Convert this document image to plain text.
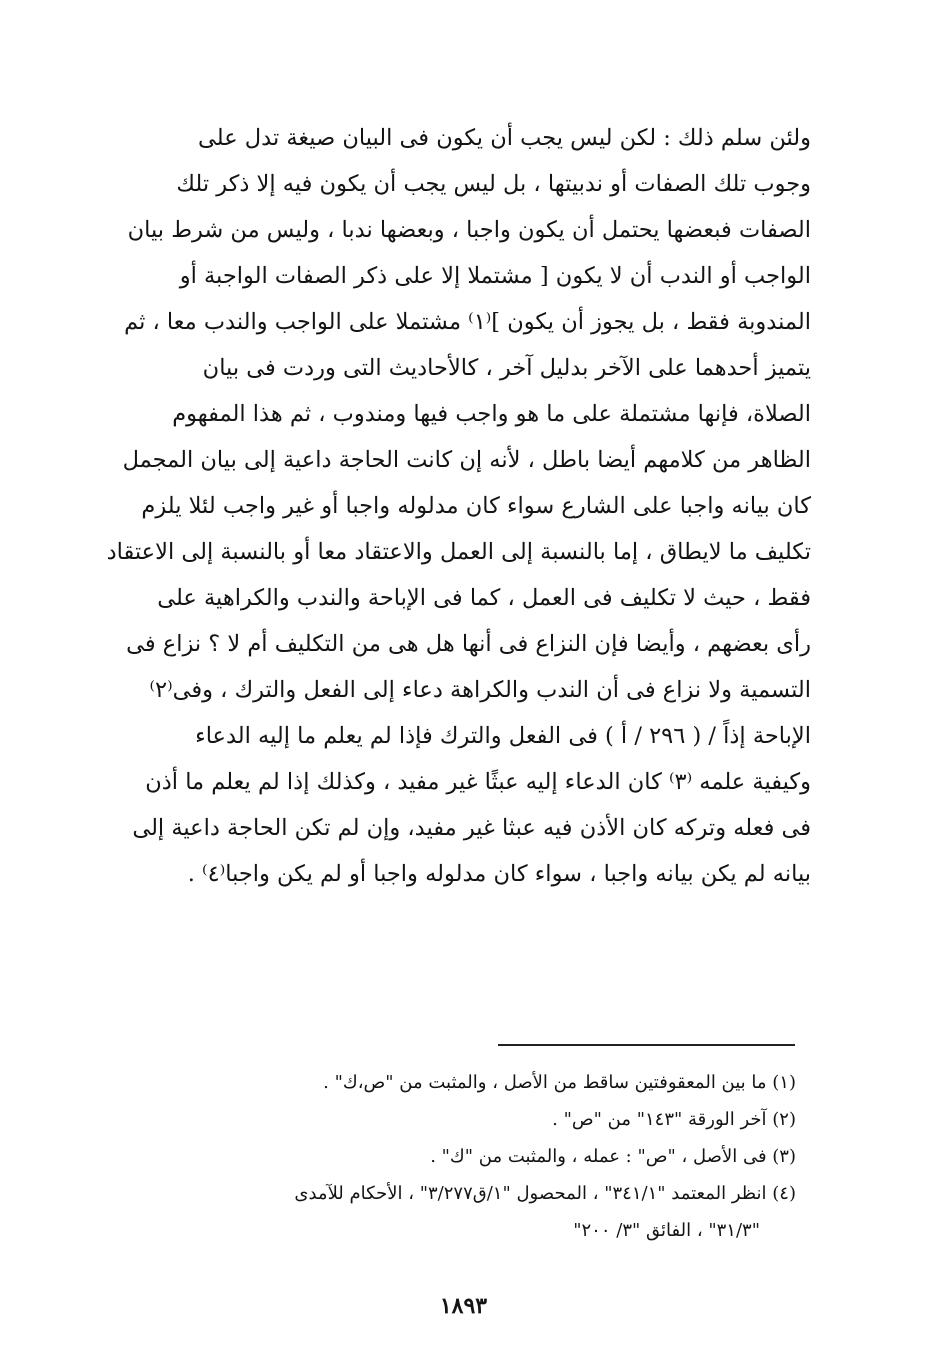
ولئن سلم ذلك : لكن ليس يجب أن يكون فى البيان صيغة تدل على
وجوب تلك الصفات أو ندبيتها ، بل ليس يجب أن يكون فيه إلا ذكر تلك
الصفات فبعضها يحتمل أن يكون واجبا ، وبعضها ندبا ، وليس من شرط بيان
الواجب أو الندب أن لا يكون [ مشتملا إلا على ذكر الصفات الواجبة أو
المندوبة فقط ، بل يجوز أن يكون ]⁽١⁾ مشتملا على الواجب والندب معا ، ثم
يتميز أحدهما على الآخر بدليل آخر ، كالأحاديث التى وردت فى بيان
الصلاة، فإنها مشتملة على ما هو واجب فيها ومندوب ، ثم هذا المفهوم
الظاهر من كلامهم أيضا باطل ، لأنه إن كانت الحاجة داعية إلى بيان المجمل
كان بيانه واجبا على الشارع سواء كان مدلوله واجبا أو غير واجب لئلا يلزم
تكليف ما لايطاق ، إما بالنسبة إلى العمل والاعتقاد معا أو بالنسبة إلى الاعتقاد
فقط ، حيث لا تكليف فى العمل ، كما فى الإباحة والندب والكراهية على
رأى بعضهم ، وأيضا فإن النزاع فى أنها هل هى من التكليف أم لا ؟ نزاع فى
التسمية ولا نزاع فى أن الندب والكراهة دعاء إلى الفعل والترك ، وفى⁽٢⁾
الإباحة إذاً / ( ٢٩٦ / أ ) فى الفعل والترك فإذا لم يعلم ما إليه الدعاء
وكيفية علمه ⁽٣⁾ كان الدعاء إليه عبثًا غير مفيد ، وكذلك إذا لم يعلم ما أذن
فى فعله وتركه كان الأذن فيه عبثا غير مفيد، وإن لم تكن الحاجة داعية إلى
بيانه لم يكن بيانه واجبا ، سواء كان مدلوله واجبا أو لم يكن واجبا⁽٤⁾ .
(١) ما بين المعقوفتين ساقط من الأصل ، والمثبت من "ص،ك" .
(٢) آخر الورقة "١٤٣" من "ص" .
(٣) فى الأصل ، "ص" : عمله ، والمثبت من "ك" .
(٤) انظر المعتمد "٣٤١/١" ، المحصول "١/ق٣/٢٧٧" ، الأحكام للآمدى
"٣١/٣" ، الفائق "٣/ ٢٠٠"
١٨٩٣
